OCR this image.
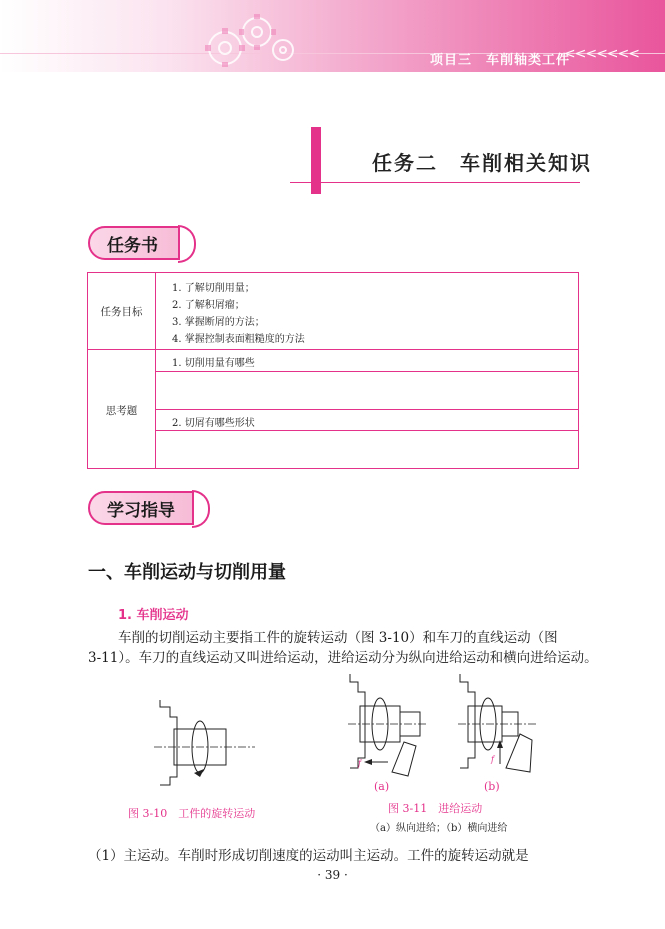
项目三　车削轴类工件
<<<<<<<
任务二　车削相关知识
任务书
任务目标
1. 了解切削用量；
2. 了解积屑瘤；
3. 掌握断屑的方法；
4. 掌握控制表面粗糙度的方法
思考题
1. 切削用量有哪些
2. 切屑有哪些形状
学习指导
一、车削运动与切削用量
1. 车削运动
车削的切削运动主要指工件的旋转运动（图 3-10）和车刀的直线运动（图
3-11）。车刀的直线运动又叫进给运动，进给运动分为纵向进给运动和横向进给运动。
图 3-10　工件的旋转运动
f
(a)
f
(b)
图 3-11　进给运动
（a）纵向进给；（b）横向进给
（1）主运动。车削时形成切削速度的运动叫主运动。工件的旋转运动就是
· 39 ·
